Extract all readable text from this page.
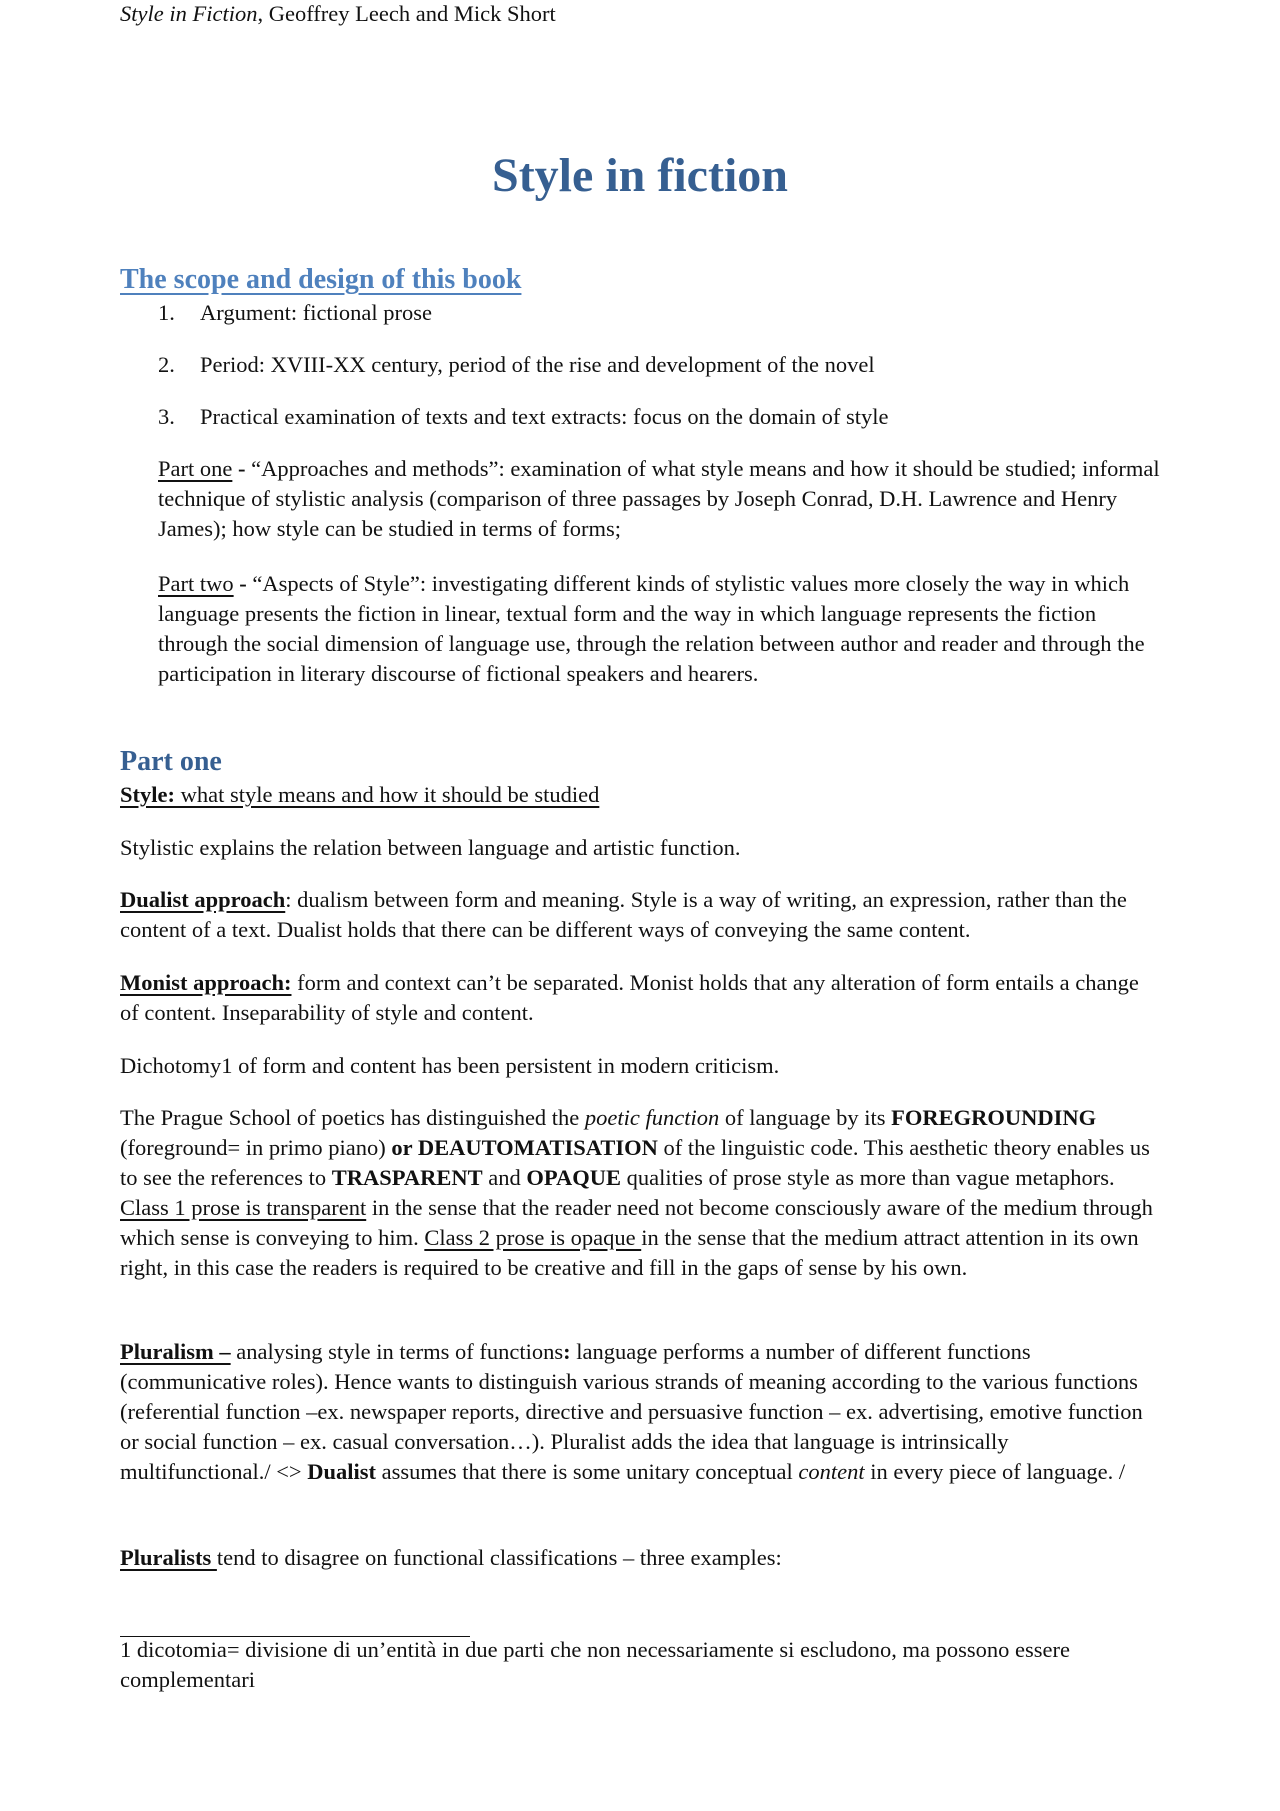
Style in Fiction, Geoffrey Leech and Mick Short
Style in fiction
The scope and design of this book
1. Argument: fictional prose
2. Period: XVIII-XX century, period of the rise and development of the novel
3. Practical examination of texts and text extracts: focus on the domain of style
Part one - “Approaches and methods”: examination of what style means and how it should be studied; informal technique of stylistic analysis (comparison of three passages by Joseph Conrad, D.H. Lawrence and Henry James); how style can be studied in terms of forms;
Part two - “Aspects of Style”: investigating different kinds of stylistic values more closely the way in which language presents the fiction in linear, textual form and the way in which language represents the fiction through the social dimension of language use, through the relation between author and reader and through the participation in literary discourse of fictional speakers and hearers.
Part one
Style: what style means and how it should be studied
Stylistic explains the relation between language and artistic function.
Dualist approach: dualism between form and meaning. Style is a way of writing, an expression, rather than the content of a text. Dualist holds that there can be different ways of conveying the same content.
Monist approach: form and context can’t be separated. Monist holds that any alteration of form entails a change of content. Inseparability of style and content.
Dichotomy1 of form and content has been persistent in modern criticism.
The Prague School of poetics has distinguished the poetic function of language by its FOREGROUNDING (foreground= in primo piano) or DEAUTOMATISATION of the linguistic code. This aesthetic theory enables us to see the references to TRASPARENT and OPAQUE qualities of prose style as more than vague metaphors. Class 1 prose is transparent in the sense that the reader need not become consciously aware of the medium through which sense is conveying to him. Class 2 prose is opaque in the sense that the medium attract attention in its own right, in this case the readers is required to be creative and fill in the gaps of sense by his own.
Pluralism – analysing style in terms of functions: language performs a number of different functions (communicative roles). Hence wants to distinguish various strands of meaning according to the various functions (referential function –ex. newspaper reports, directive and persuasive function – ex. advertising, emotive function or social function – ex. casual conversation…). Pluralist adds the idea that language is intrinsically multifunctional./ <> Dualist assumes that there is some unitary conceptual content in every piece of language. /
Pluralists tend to disagree on functional classifications – three examples:
1 dicotomia= divisione di un’entità in due parti che non necessariamente si escludono, ma possono essere complementari
